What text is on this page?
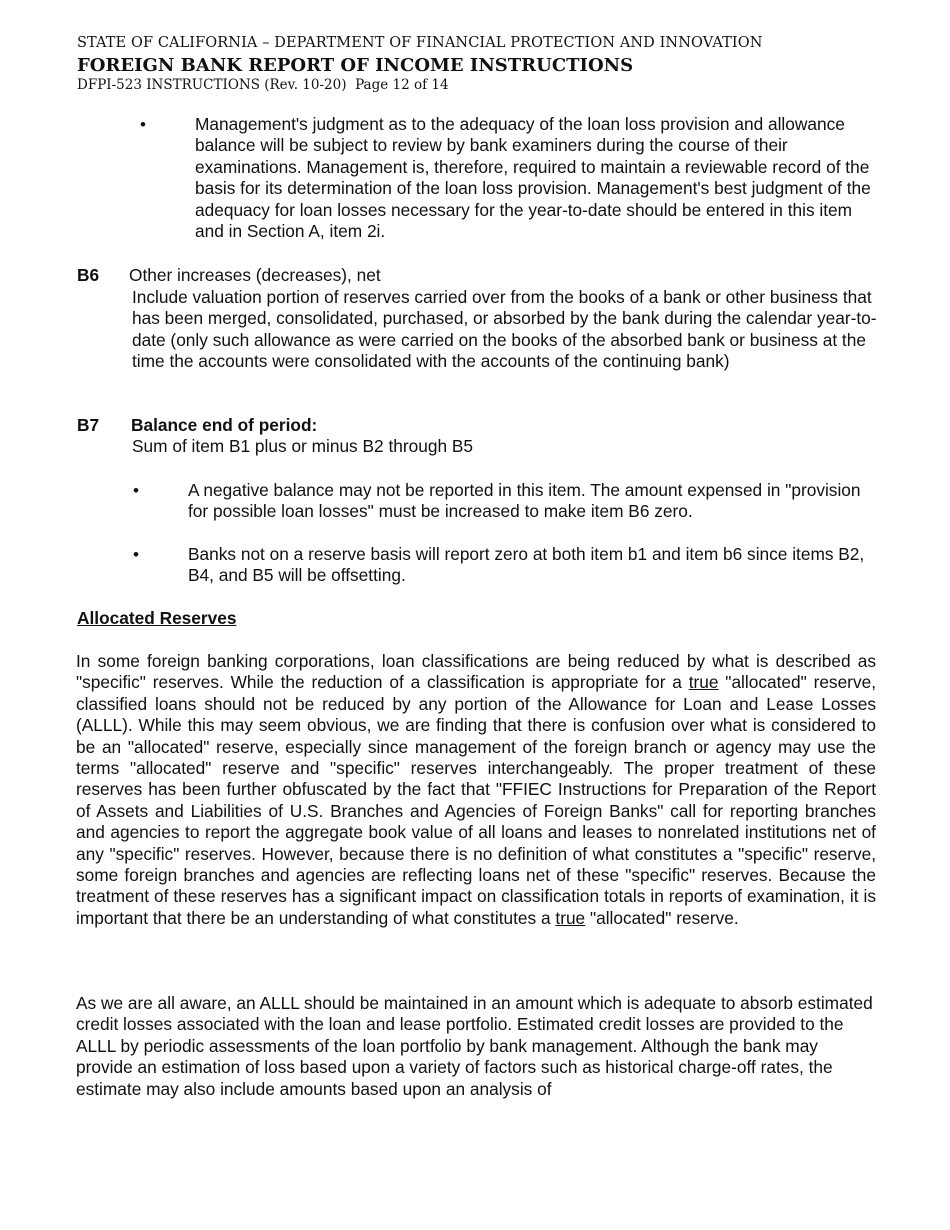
STATE OF CALIFORNIA – DEPARTMENT OF FINANCIAL PROTECTION AND INNOVATION
FOREIGN BANK REPORT OF INCOME INSTRUCTIONS
DFPI-523 INSTRUCTIONS (Rev. 10-20) Page 12 of 14
•	Management's judgment as to the adequacy of the loan loss provision and allowance balance will be subject to review by bank examiners during the course of their examinations. Management is, therefore, required to maintain a reviewable record of the basis for its determination of the loan loss provision. Management's best judgment of the adequacy for loan losses necessary for the year-to-date should be entered in this item and in Section A, item 2i.

B6 Other increases (decreases), net

Include valuation portion of reserves carried over from the books of a bank or other business that has been merged, consolidated, purchased, or absorbed by the bank during the calendar year-to-date (only such allowance as were carried on the books of the absorbed bank or business at the time the accounts were consolidated with the accounts of the continuing bank)

B7 Balance end of period:

Sum of item B1 plus or minus B2 through B5

•	A negative balance may not be reported in this item. The amount expensed in "provision for possible loan losses" must be increased to make item B6 zero.

•	Banks not on a reserve basis will report zero at both item b1 and item b6 since items B2, B4, and B5 will be offsetting.

Allocated Reserves

In some foreign banking corporations, loan classifications are being reduced by what is described as "specific" reserves. While the reduction of a classification is appropriate for a true "allocated" reserve, classified loans should not be reduced by any portion of the Allowance for Loan and Lease Losses (ALLL). While this may seem obvious, we are finding that there is confusion over what is considered to be an "allocated" reserve, especially since management of the foreign branch or agency may use the terms "allocated" reserve and "specific" reserves interchangeably. The proper treatment of these reserves has been further obfuscated by the fact that "FFIEC Instructions for Preparation of the Report of Assets and Liabilities of U.S. Branches and Agencies of Foreign Banks" call for reporting branches and agencies to report the aggregate book value of all loans and leases to nonrelated institutions net of any "specific" reserves. However, because there is no definition of what constitutes a "specific" reserve, some foreign branches and agencies are reflecting loans net of these "specific" reserves. Because the treatment of these reserves has a significant impact on classification totals in reports of examination, it is important that there be an understanding of what constitutes a true "allocated" reserve.

As we are all aware, an ALLL should be maintained in an amount which is adequate to absorb estimated credit losses associated with the loan and lease portfolio. Estimated credit losses are provided to the ALLL by periodic assessments of the loan portfolio by bank management. Although the bank may provide an estimation of loss based upon a variety of factors such as historical charge-off rates, the estimate may also include amounts based upon an analysis of
